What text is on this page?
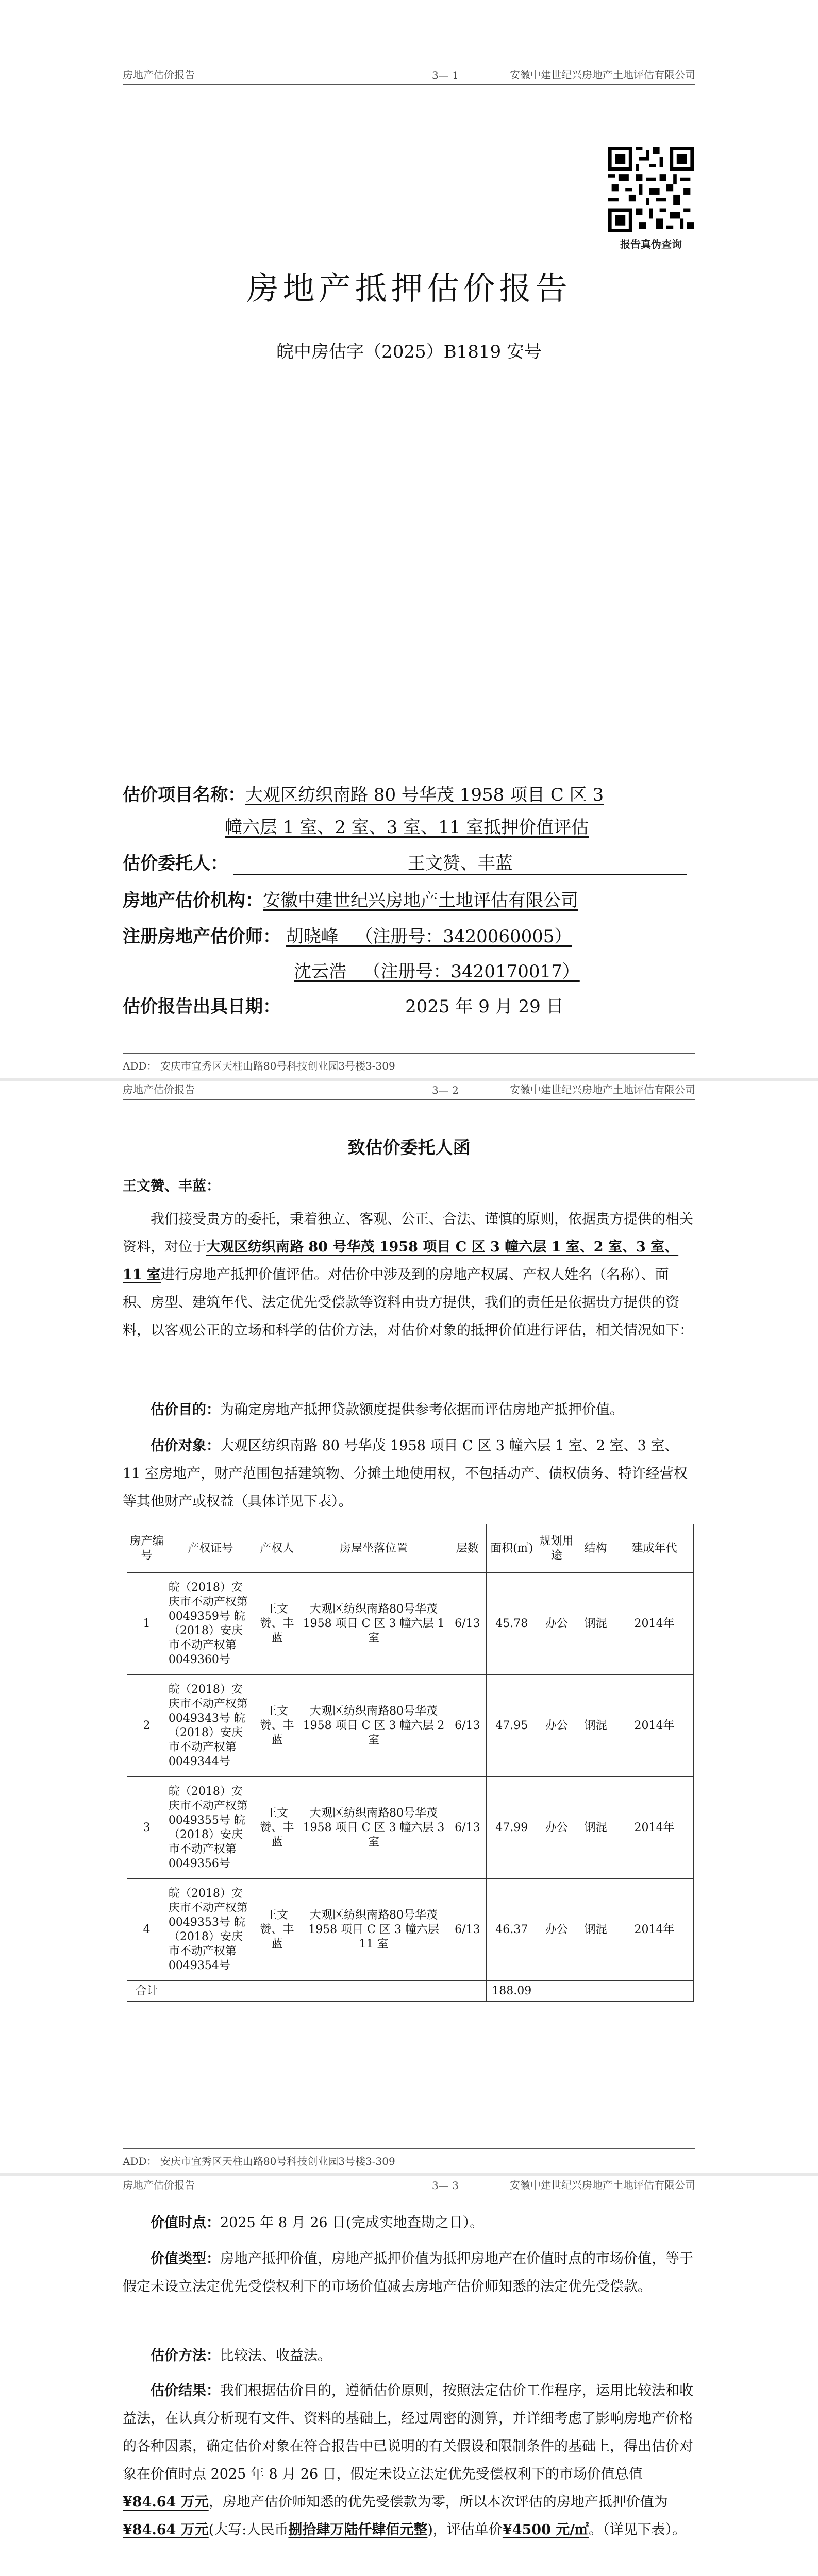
房地产估价报告	3— 1	安徽中建世纪兴房地产土地评估有限公司
报告真伪查询
房地产抵押估价报告
皖中房估字（2025）B1819 安号
估价项目名称：大观区纺织南路 80 号华茂 1958 项目 C 区 3
幢六层 1 室、2 室、3 室、11 室抵押价值评估
估价委托人：	王文赞、丰蓝
房地产估价机构：安徽中建世纪兴房地产土地评估有限公司
注册房地产估价师： 胡晓峰   （注册号：3420060005）
沈云浩   （注册号：3420170017）
估价报告出具日期：	2025 年 9 月 29 日
ADD： 安庆市宜秀区天柱山路80号科技创业园3号楼3-309
房地产估价报告	3— 2	安徽中建世纪兴房地产土地评估有限公司
致估价委托人函
王文赞、丰蓝：
我们接受贵方的委托，秉着独立、客观、公正、合法、谨慎的原则，依据贵方提供的相关资料，对位于大观区纺织南路 80 号华茂 1958 项目 C 区 3 幢六层 1 室、2 室、3 室、11 室进行房地产抵押价值评估。对估价中涉及到的房地产权属、产权人姓名（名称）、面积、房型、建筑年代、法定优先受偿款等资料由贵方提供，我们的责任是依据贵方提供的资料，以客观公正的立场和科学的估价方法，对估价对象的抵押价值进行评估，相关情况如下：
估价目的：为确定房地产抵押贷款额度提供参考依据而评估房地产抵押价值。
估价对象：大观区纺织南路 80 号华茂 1958 项目 C 区 3 幢六层 1 室、2 室、3 室、11 室房地产，财产范围包括建筑物、分摊土地使用权，不包括动产、债权债务、特许经营权等其他财产或权益（具体详见下表）。
房产编号	产权证号	产权人	房屋坐落位置	层数	面积(㎡)	规划用途	结构	建成年代
1	皖（2018）安庆市不动产权第0049359号 皖（2018）安庆市不动产权第0049360号	王文赞、丰蓝	大观区纺织南路80号华茂 1958 项目 C 区 3 幢六层 1 室	6/13	45.78	办公	钢混	2014年
2	皖（2018）安庆市不动产权第0049343号 皖（2018）安庆市不动产权第0049344号	王文赞、丰蓝	大观区纺织南路80号华茂 1958 项目 C 区 3 幢六层 2 室	6/13	47.95	办公	钢混	2014年
3	皖（2018）安庆市不动产权第0049355号 皖（2018）安庆市不动产权第0049356号	王文赞、丰蓝	大观区纺织南路80号华茂 1958 项目 C 区 3 幢六层 3 室	6/13	47.99	办公	钢混	2014年
4	皖（2018）安庆市不动产权第0049353号 皖（2018）安庆市不动产权第0049354号	王文赞、丰蓝	大观区纺织南路80号华茂 1958 项目 C 区 3 幢六层 11 室	6/13	46.37	办公	钢混	2014年
合计					188.09			
ADD： 安庆市宜秀区天柱山路80号科技创业园3号楼3-309
房地产估价报告	3— 3	安徽中建世纪兴房地产土地评估有限公司
价值时点：2025 年 8 月 26 日(完成实地查勘之日）。
价值类型：房地产抵押价值，房地产抵押价值为抵押房地产在价值时点的市场价值，等于假定未设立法定优先受偿权利下的市场价值减去房地产估价师知悉的法定优先受偿款。
估价方法：比较法、收益法。
估价结果：我们根据估价目的，遵循估价原则，按照法定估价工作程序，运用比较法和收益法，在认真分析现有文件、资料的基础上，经过周密的测算，并详细考虑了影响房地产价格的各种因素，确定估价对象在符合报告中已说明的有关假设和限制条件的基础上，得出估价对象在价值时点 2025 年 8 月 26 日，假定未设立法定优先受偿权利下的市场价值总值¥84.64 万元，房地产估价师知悉的优先受偿款为零，所以本次评估的房地产抵押价值为¥84.64 万元(大写:人民币捌拾肆万陆仟肆佰元整)，评估单价¥4500 元/㎡。（详见下表）。
